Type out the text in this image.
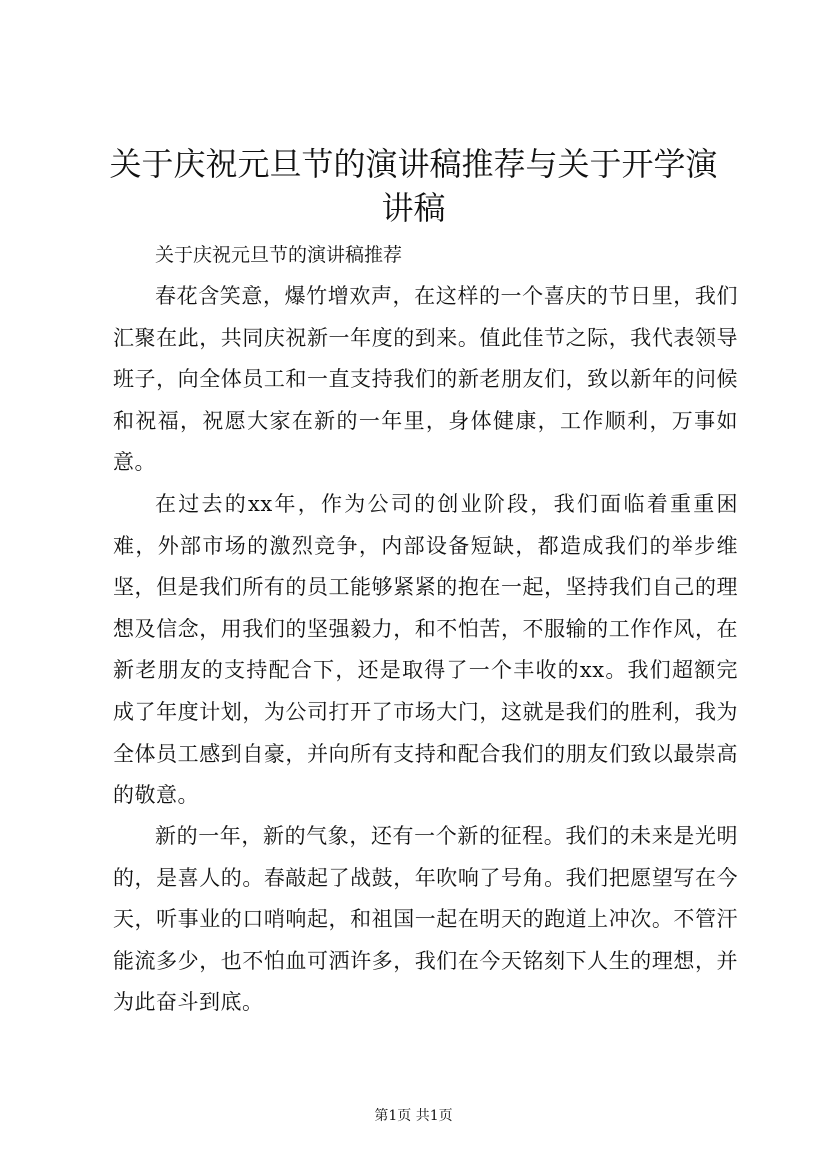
关于庆祝元旦节的演讲稿推荐与关于开学演讲稿

关于庆祝元旦节的演讲稿推荐

春花含笑意，爆竹增欢声，在这样的一个喜庆的节日里，我们汇聚在此，共同庆祝新一年度的到来。值此佳节之际，我代表领导班子，向全体员工和一直支持我们的新老朋友们，致以新年的问候和祝福，祝愿大家在新的一年里，身体健康，工作顺利，万事如意。

在过去的xx年，作为公司的创业阶段，我们面临着重重困难，外部市场的激烈竞争，内部设备短缺，都造成我们的举步维坚，但是我们所有的员工能够紧紧的抱在一起，坚持我们自己的理想及信念，用我们的坚强毅力，和不怕苦，不服输的工作作风，在新老朋友的支持配合下，还是取得了一个丰收的xx。我们超额完成了年度计划，为公司打开了市场大门，这就是我们的胜利，我为全体员工感到自豪，并向所有支持和配合我们的朋友们致以最崇高的敬意。

新的一年，新的气象，还有一个新的征程。我们的未来是光明的，是喜人的。春敲起了战鼓，年吹响了号角。我们把愿望写在今天，听事业的口哨响起，和祖国一起在明天的跑道上冲次。不管汗能流多少，也不怕血可洒许多，我们在今天铭刻下人生的理想，并为此奋斗到底。

第1页 共1页
